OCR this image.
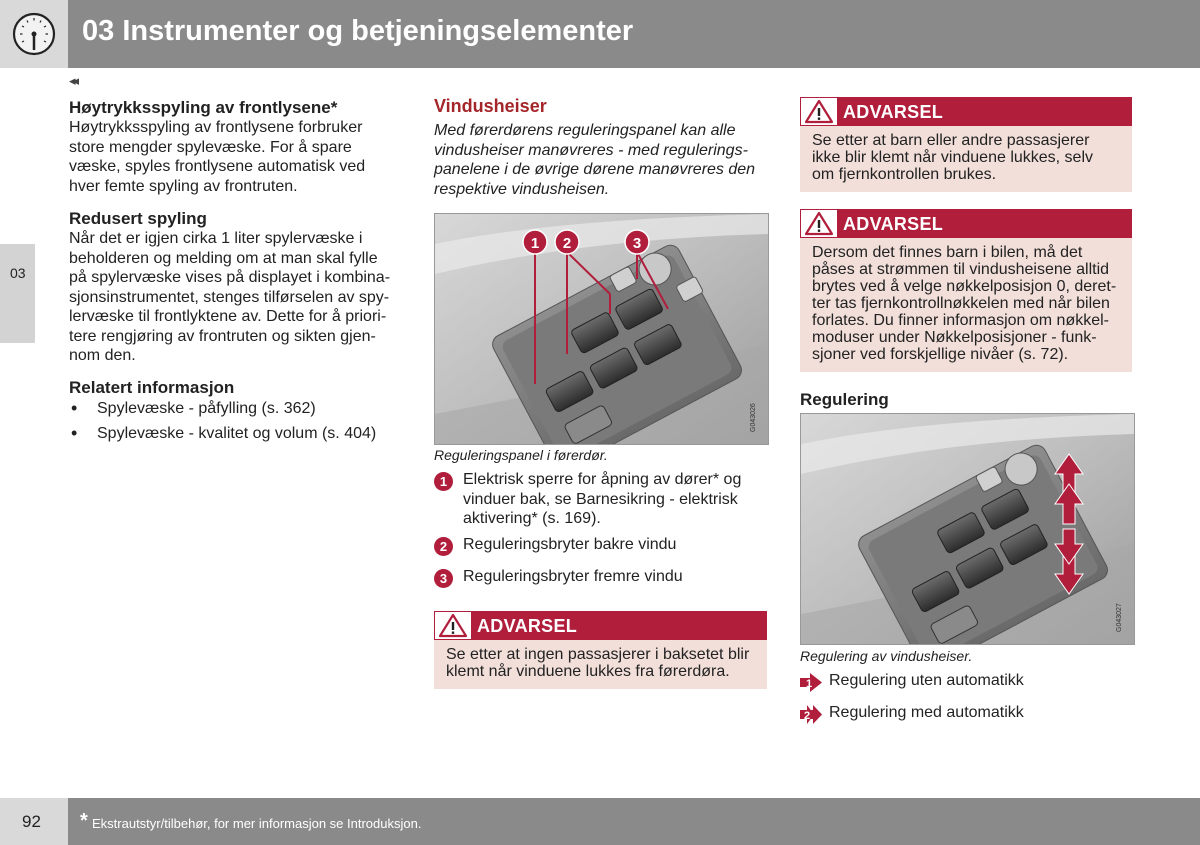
03 Instrumenter og betjeningselementer
◂◂
03
Høytrykksspyling av frontlysene*
Høytrykksspyling av frontlysene forbruker
store mengder spylevæske. For å spare
væske, spyles frontlysene automatisk ved
hver femte spyling av frontruten.
Redusert spyling
Når det er igjen cirka 1 liter spylervæske i
beholderen og melding om at man skal fylle
på spylervæske vises på displayet i kombina-
sjonsinstrumentet, stenges tilførselen av spy-
lervæske til frontlyktene av. Dette for å priori-
tere rengjøring av frontruten og sikten gjen-
nom den.
Relatert informasjon
• Spylevæske - påfylling (s. 362)
• Spylevæske - kvalitet og volum (s. 404)
Vindusheiser
Med førerdørens reguleringspanel kan alle
vindusheiser manøvreres - med regulerings-
panelene i de øvrige dørene manøvreres den
respektive vindusheisen.
1 2	3
G043026
Reguleringspanel i førerdør.
1 Elektrisk sperre for åpning av dører* og
vinduer bak, se Barnesikring - elektrisk
aktivering* (s. 169).
2 Reguleringsbryter bakre vindu
3 Reguleringsbryter fremre vindu
ADVARSEL
Se etter at ingen passasjerer i baksetet blir
klemt når vinduene lukkes fra førerdøra.
ADVARSEL
Se etter at barn eller andre passasjerer
ikke blir klemt når vinduene lukkes, selv
om fjernkontrollen brukes.
ADVARSEL
Dersom det finnes barn i bilen, må det
påses at strømmen til vindusheisene alltid
brytes ved å velge nøkkelposisjon 0, deret-
ter tas fjernkontrollnøkkelen med når bilen
forlates. Du finner informasjon om nøkkel-
moduser under Nøkkelposisjoner - funk-
sjoner ved forskjellige nivåer (s. 72).
Regulering
G043027
Regulering av vindusheiser.
1 Regulering uten automatikk
2 Regulering med automatikk
92 * Ekstrautstyr/tilbehør, for mer informasjon se Introduksjon.
